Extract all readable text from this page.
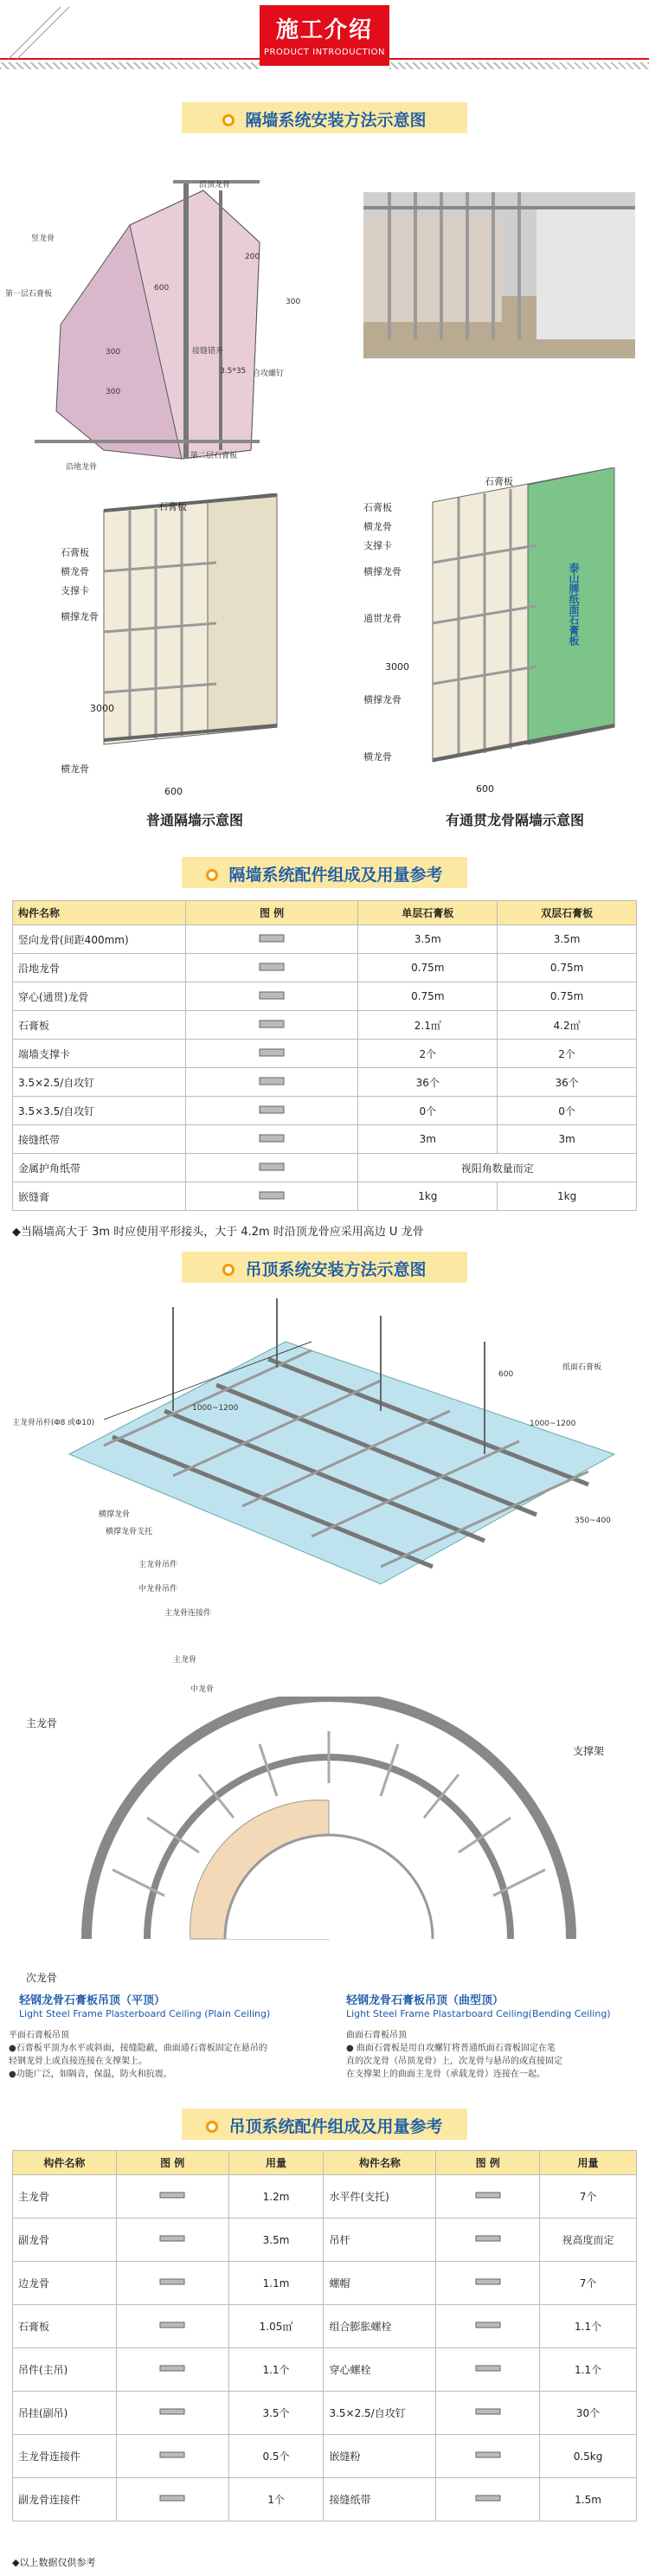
施工介绍
PRODUCT INTRODUCTION
隔墙系统安装方法示意图
沿顶龙骨
竖龙骨
第一层石膏板
接缝错开
自攻螺钉
3.5*35
沿地龙骨
第二层石膏板
200
300
600
300
300
石膏板
石膏板
横龙骨
支撑卡
横撑龙骨
3000
横龙骨
600
普通隔墙示意图
石膏板
石膏板
横龙骨
支撑卡
横撑龙骨
通贯龙骨
3000
横撑龙骨
横龙骨
600
泰山牌纸面石膏板
有通贯龙骨隔墙示意图
隔墙系统配件组成及用量参考
构件名称	图 例	单层石膏板	双层石膏板
竖向龙骨(间距400mm)		3.5m	3.5m
沿地龙骨		0.75m	0.75m
穿心(通贯)龙骨		0.75m	0.75m
石膏板		2.1㎡	4.2㎡
端墙支撑卡		2个	2个
3.5×2.5/自攻钉		36个	36个
3.5×3.5/自攻钉		0个	0个
接缝纸带		3m	3m
金属护角纸带		视阳角数量而定	
嵌缝膏		1kg	1kg
◆当隔墙高大于 3m 时应使用平形接头，大于 4.2m 时沿顶龙骨应采用高边 U 龙骨
吊顶系统安装方法示意图
主龙骨吊杆(Φ8 或Φ10)
1000~1200
横撑龙骨
横撑龙骨支托
主龙骨吊件
中龙骨吊件
主龙骨连接件
主龙骨
中龙骨
纸面石膏板
600
1000~1200
350~400
主龙骨
次龙骨
支撑架
轻钢龙骨石膏板吊顶（平顶）
Light Steel Frame Plasterboard Ceiling (Plain Ceiling)
平面石膏板吊顶
●石膏板平顶为水平或斜面，接缝隐蔽，曲面通石膏板固定在悬吊的
轻钢龙骨上或直接连接在支撑架上。
●功能广泛，如隔音，保温，防火和抗震。
轻钢龙骨石膏板吊顶（曲型顶）
Light Steel Frame Plastarboard Ceiling(Bending Ceiling)
曲面石膏板吊顶
● 曲面石膏板是用自攻螺钉将普通纸面石膏板固定在笔
直的次龙骨（吊顶龙骨）上，次龙骨与悬吊的或直接固定
在支撑架上的曲面主龙骨（承载龙骨）连接在一起。
吊顶系统配件组成及用量参考
构件名称	图 例	用量	构件名称	图 例	用量
主龙骨		1.2m	水平件(支托)		7个
副龙骨		3.5m	吊杆		视高度而定
边龙骨		1.1m	螺帽		7个
石膏板		1.05㎡	组合膨胀螺栓		1.1个
吊件(主吊)		1.1个	穿心螺栓		1.1个
吊挂(副吊)		3.5个	3.5×2.5/自攻钉		30个
主龙骨连接件		0.5个	嵌缝粉		0.5kg
副龙骨连接件		1个	接缝纸带		1.5m
◆以上数据仅供参考
